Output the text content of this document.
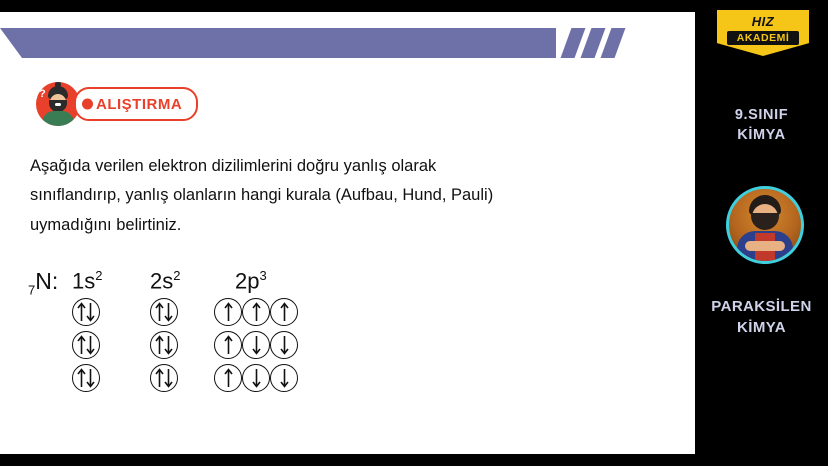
?
ALIŞTIRMA
Aşağıda verilen elektron dizilimlerini doğru yanlış olarak
sınıflandırıp, yanlış olanların hangi kurala (Aufbau, Hund, Pauli)
uymadığını belirtiniz.
$_7$N: $1s^2$ $2s^2$ $2p^3$
HIZ
AKADEMİ
9.SINIF
KİMYA
PARAKSİLEN
KİMYA
